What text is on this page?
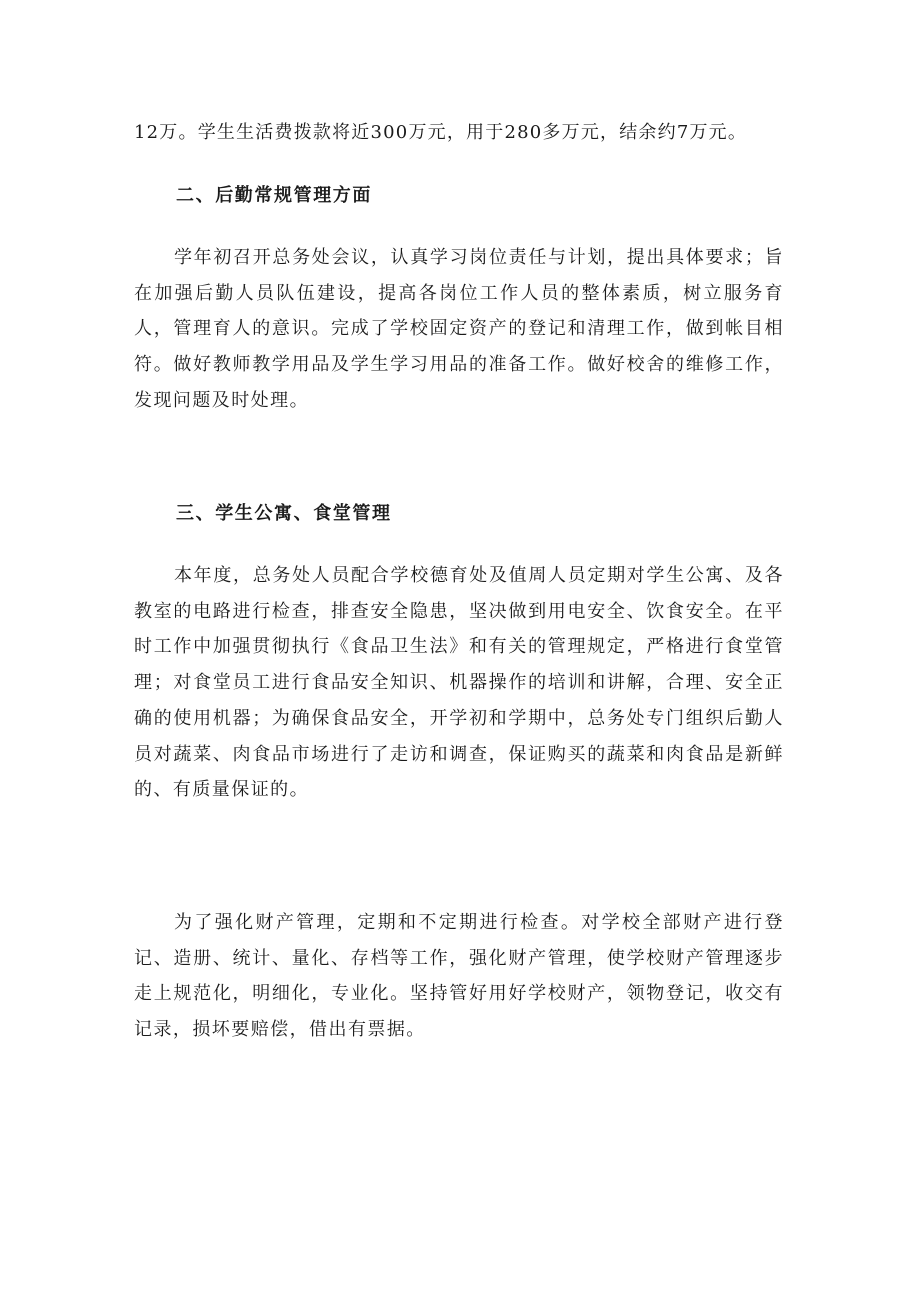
12万。学生生活费拨款将近300万元，用于280多万元，结余约7万元。

二、后勤常规管理方面

学年初召开总务处会议，认真学习岗位责任与计划，提出具体要求；旨在加强后勤人员队伍建设，提高各岗位工作人员的整体素质，树立服务育人，管理育人的意识。完成了学校固定资产的登记和清理工作，做到帐目相符。做好教师教学用品及学生学习用品的准备工作。做好校舍的维修工作，发现问题及时处理。

三、学生公寓、食堂管理

本年度，总务处人员配合学校德育处及值周人员定期对学生公寓、及各教室的电路进行检查，排查安全隐患，坚决做到用电安全、饮食安全。在平时工作中加强贯彻执行《食品卫生法》和有关的管理规定，严格进行食堂管理；对食堂员工进行食品安全知识、机器操作的培训和讲解，合理、安全正确的使用机器；为确保食品安全，开学初和学期中，总务处专门组织后勤人员对蔬菜、肉食品市场进行了走访和调查，保证购买的蔬菜和肉食品是新鲜的、有质量保证的。

为了强化财产管理，定期和不定期进行检查。对学校全部财产进行登记、造册、统计、量化、存档等工作，强化财产管理，使学校财产管理逐步走上规范化，明细化，专业化。坚持管好用好学校财产，领物登记，收交有记录，损坏要赔偿，借出有票据。
